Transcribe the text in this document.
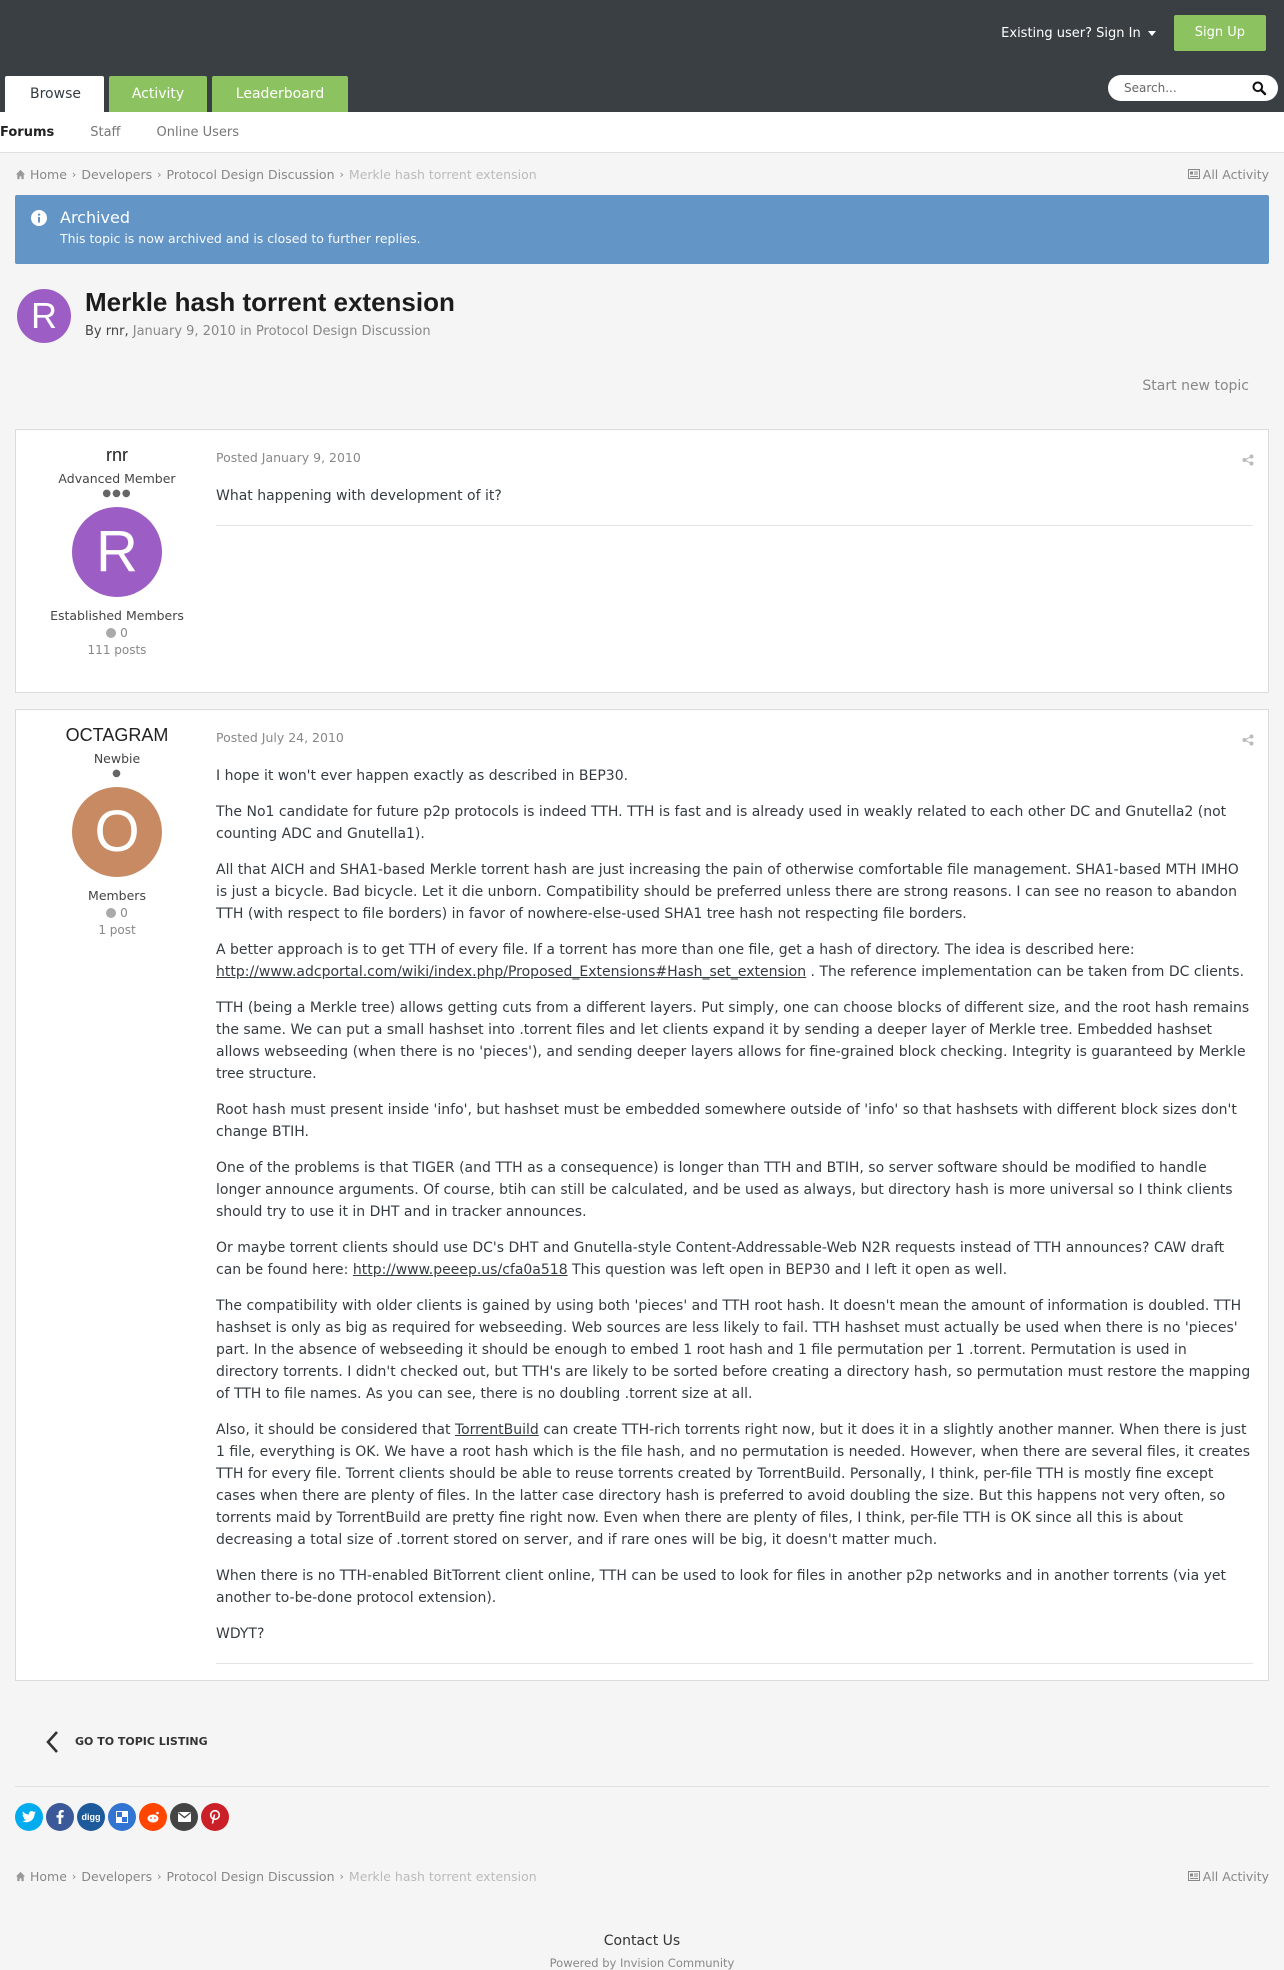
Existing user? Sign In	Sign Up
Browse	Activity	Leaderboard
Search...
Forums	Staff	Online Users
Home › Developers › Protocol Design Discussion › Merkle hash torrent extension	All Activity
Archived
This topic is now archived and is closed to further replies.
R	Merkle hash torrent extension
By rnr, January 9, 2010 in Protocol Design Discussion
Start new topic
rnr
Advanced Member
●●●
R
Established Members
0
111 posts
Posted January 9, 2010

What happening with development of it?

OCTAGRAM
Newbie
●
O
Members
0
1 post
Posted July 24, 2010

I hope it won't ever happen exactly as described in BEP30.

The No1 candidate for future p2p protocols is indeed TTH. TTH is fast and is already used in weakly related to each other DC and Gnutella2 (not counting ADC and Gnutella1).

All that AICH and SHA1-based Merkle torrent hash are just increasing the pain of otherwise comfortable file management. SHA1-based MTH IMHO is just a bicycle. Bad bicycle. Let it die unborn. Compatibility should be preferred unless there are strong reasons. I can see no reason to abandon TTH (with respect to file borders) in favor of nowhere-else-used SHA1 tree hash not respecting file borders.

A better approach is to get TTH of every file. If a torrent has more than one file, get a hash of directory. The idea is described here:
http://www.adcportal.com/wiki/index.php/Proposed_Extensions#Hash_set_extension . The reference implementation can be taken from DC clients.

TTH (being a Merkle tree) allows getting cuts from a different layers. Put simply, one can choose blocks of different size, and the root hash remains the same. We can put a small hashset into .torrent files and let clients expand it by sending a deeper layer of Merkle tree. Embedded hashset allows webseeding (when there is no 'pieces'), and sending deeper layers allows for fine-grained block checking. Integrity is guaranteed by Merkle tree structure.

Root hash must present inside 'info', but hashset must be embedded somewhere outside of 'info' so that hashsets with different block sizes don't change BTIH.

One of the problems is that TIGER (and TTH as a consequence) is longer than TTH and BTIH, so server software should be modified to handle longer announce arguments. Of course, btih can still be calculated, and be used as always, but directory hash is more universal so I think clients should try to use it in DHT and in tracker announces.

Or maybe torrent clients should use DC's DHT and Gnutella-style Content-Addressable-Web N2R requests instead of TTH announces? CAW draft can be found here: http://www.peeep.us/cfa0a518 This question was left open in BEP30 and I left it open as well.

The compatibility with older clients is gained by using both 'pieces' and TTH root hash. It doesn't mean the amount of information is doubled. TTH hashset is only as big as required for webseeding. Web sources are less likely to fail. TTH hashset must actually be used when there is no 'pieces' part. In the absence of webseeding it should be enough to embed 1 root hash and 1 file permutation per 1 .torrent. Permutation is used in directory torrents. I didn't checked out, but TTH's are likely to be sorted before creating a directory hash, so permutation must restore the mapping of TTH to file names. As you can see, there is no doubling .torrent size at all.

Also, it should be considered that TorrentBuild can create TTH-rich torrents right now, but it does it in a slightly another manner. When there is just 1 file, everything is OK. We have a root hash which is the file hash, and no permutation is needed. However, when there are several files, it creates TTH for every file. Torrent clients should be able to reuse torrents created by TorrentBuild. Personally, I think, per-file TTH is mostly fine except cases when there are plenty of files. In the latter case directory hash is preferred to avoid doubling the size. But this happens not very often, so torrents maid by TorrentBuild are pretty fine right now. Even when there are plenty of files, I think, per-file TTH is OK since all this is about decreasing a total size of .torrent stored on server, and if rare ones will be big, it doesn't matter much.

When there is no TTH-enabled BitTorrent client online, TTH can be used to look for files in another p2p networks and in another torrents (via yet another to-be-done protocol extension).

WDYT?

GO TO TOPIC LISTING
digg
Home › Developers › Protocol Design Discussion › Merkle hash torrent extension	All Activity
Contact Us
Powered by Invision Community
